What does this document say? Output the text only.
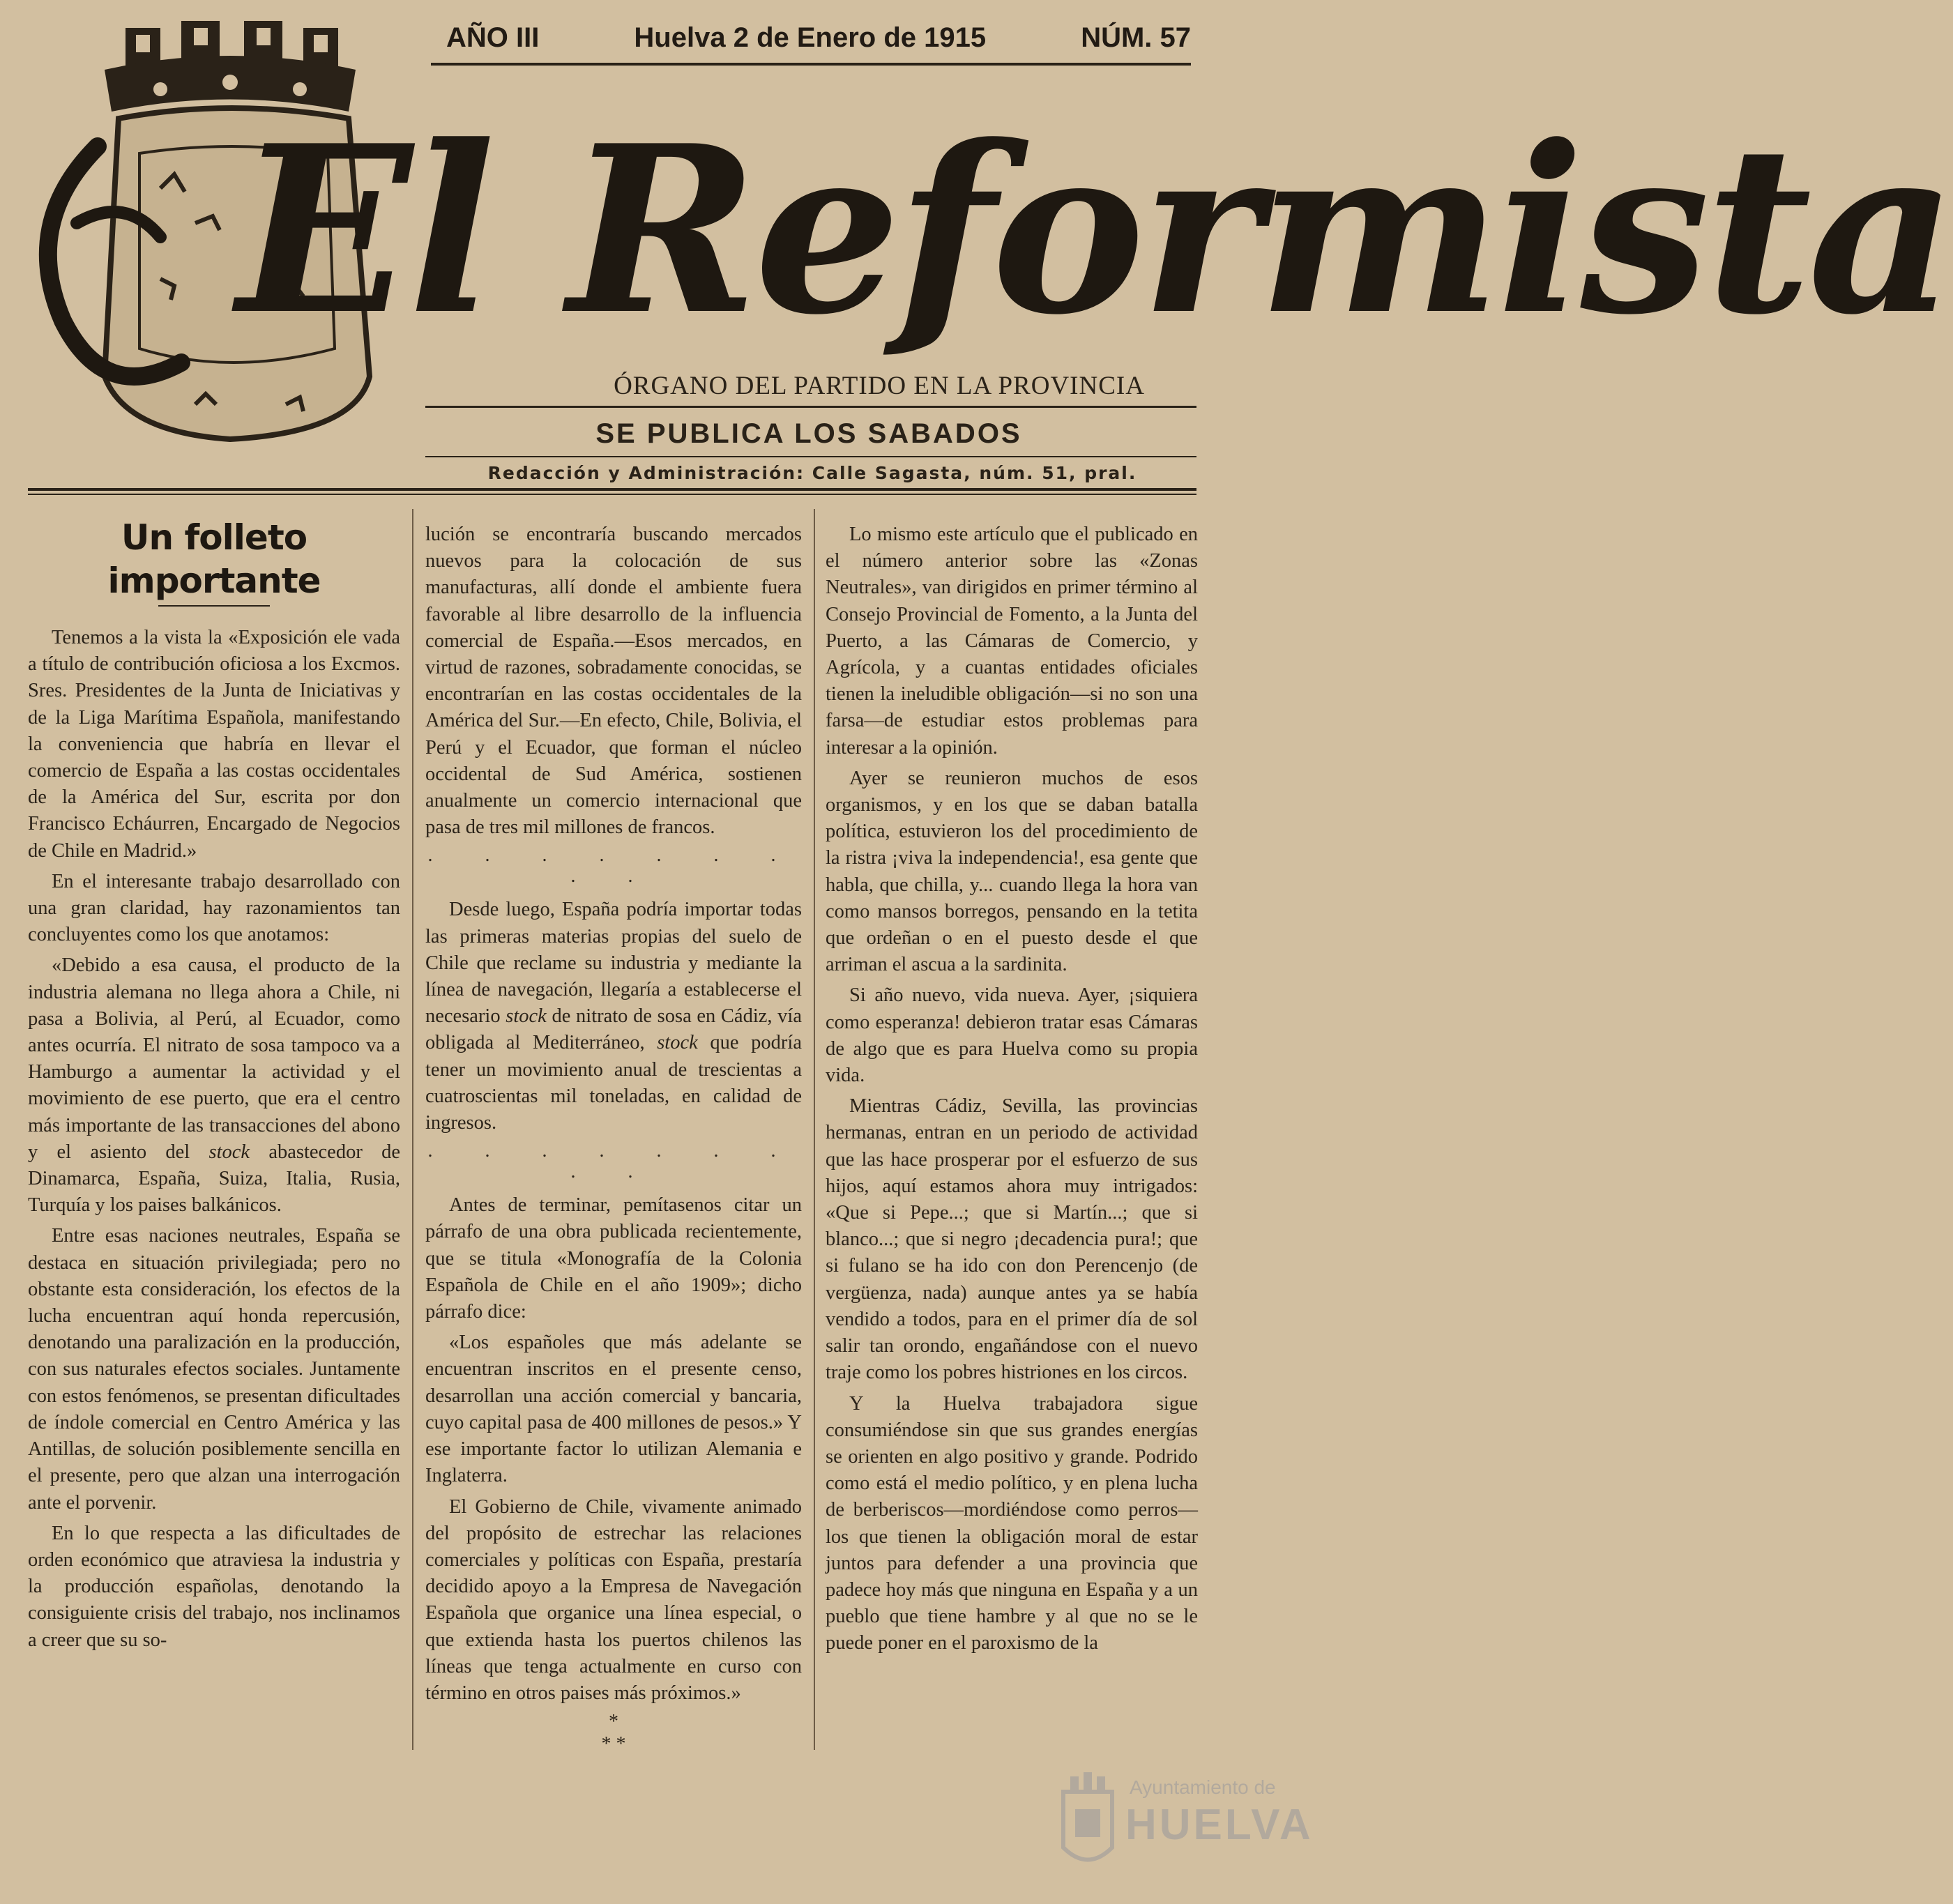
AÑO III	Huelva 2 de Enero de 1915	NÚM. 57
El Reformista
ÓRGANO DEL PARTIDO EN LA PROVINCIA
SE PUBLICA LOS SABADOS
Redacción y Administración: Calle Sagasta, núm. 51, pral.
Un folleto importante

Tenemos a la vista la «Exposición ele vada a título de contribución oficiosa a los Excmos. Sres. Presidentes de la Junta de Iniciativas y de la Liga Marítima Española, manifestando la conveniencia que habría en llevar el comercio de España a las costas occidentales de la América del Sur, escrita por don Francisco Echáurren, Encargado de Negocios de Chile en Madrid.»

En el interesante trabajo desarrollado con una gran claridad, hay razonamientos tan concluyentes como los que anotamos:

«Debido a esa causa, el producto de la industria alemana no llega ahora a Chile, ni pasa a Bolivia, al Perú, al Ecuador, como antes ocurría. El nitrato de sosa tampoco va a Hamburgo a aumentar la actividad y el movimiento de ese puerto, que era el centro más importante de las transacciones del abono y el asiento del stock abastecedor de Dinamarca, España, Suiza, Italia, Rusia, Turquía y los paises balkánicos.

Entre esas naciones neutrales, España se destaca en situación privilegiada; pero no obstante esta consideración, los efectos de la lucha encuentran aquí honda repercusión, denotando una paralización en la producción, con sus naturales efectos sociales. Juntamente con estos fenómenos, se presentan dificultades de índole comercial en Centro América y las Antillas, de solución posiblemente sencilla en el presente, pero que alzan una interrogación ante el porvenir.

En lo que respecta a las dificultades de orden económico que atraviesa la industria y la producción españolas, denotando la consiguiente crisis del trabajo, nos inclinamos a creer que su so-

lución se encontraría buscando mercados nuevos para la colocación de sus manufacturas, allí donde el ambiente fuera favorable al libre desarrollo de la influencia comercial de España.—Esos mercados, en virtud de razones, sobradamente conocidas, se encontrarían en las costas occidentales de la América del Sur.—En efecto, Chile, Bolivia, el Perú y el Ecuador, que forman el núcleo occidental de Sud América, sostienen anualmente un comercio internacional que pasa de tres mil millones de francos.

. . . . . . . . .

Desde luego, España podría importar todas las primeras materias propias del suelo de Chile que reclame su industria y mediante la línea de navegación, llegaría a establecerse el necesario stock de nitrato de sosa en Cádiz, vía obligada al Mediterráneo, stock que podría tener un movimiento anual de trescientas a cuatroscientas mil toneladas, en calidad de ingresos.

. . . . . . . . .

Antes de terminar, pemítasenos citar un párrafo de una obra publicada recientemente, que se titula «Monografía de la Colonia Española de Chile en el año 1909»; dicho párrafo dice:

«Los españoles que más adelante se encuentran inscritos en el presente censo, desarrollan una acción comercial y bancaria, cuyo capital pasa de 400 millones de pesos.» Y ese importante factor lo utilizan Alemania e Inglaterra.

El Gobierno de Chile, vivamente animado del propósito de estrechar las relaciones comerciales y políticas con España, prestaría decidido apoyo a la Empresa de Navegación Española que organice una línea especial, o que extienda hasta los puertos chilenos las líneas que tenga actualmente en curso con término en otros paises más próximos.»

*
* *

Lo mismo este artículo que el publicado en el número anterior sobre las «Zonas Neutrales», van dirigidos en primer término al Consejo Provincial de Fomento, a la Junta del Puerto, a las Cámaras de Comercio, y Agrícola, y a cuantas entidades oficiales tienen la ineludible obligación—si no son una farsa—de estudiar estos problemas para interesar a la opinión.

Ayer se reunieron muchos de esos organismos, y en los que se daban batalla política, estuvieron los del procedimiento de la ristra ¡viva la independencia!, esa gente que habla, que chilla, y... cuando llega la hora van como mansos borregos, pensando en la tetita que ordeñan o en el puesto desde el que arriman el ascua a la sardinita.

Si año nuevo, vida nueva. Ayer, ¡siquiera como esperanza! debieron tratar esas Cámaras de algo que es para Huelva como su propia vida.

Mientras Cádiz, Sevilla, las provincias hermanas, entran en un periodo de actividad que las hace prosperar por el esfuerzo de sus hijos, aquí estamos ahora muy intrigados: «Que si Pepe...; que si Martín...; que si blanco...; que si negro ¡decadencia pura!; que si fulano se ha ido con don Perencenjo (de vergüenza, nada) aunque antes ya se había vendido a todos, para en el primer día de sol salir tan orondo, engañándose con el nuevo traje como los pobres histriones en los circos.

Y la Huelva trabajadora sigue consumiéndose sin que sus grandes energías se orienten en algo positivo y grande. Podrido como está el medio político, y en plena lucha de berberiscos—mordiéndose como perros—los que tienen la obligación moral de estar juntos para defender a una provincia que padece hoy más que ninguna en España y a un pueblo que tiene hambre y al que no se le puede poner en el paroxismo de la

Ayuntamiento de
HUELVA
